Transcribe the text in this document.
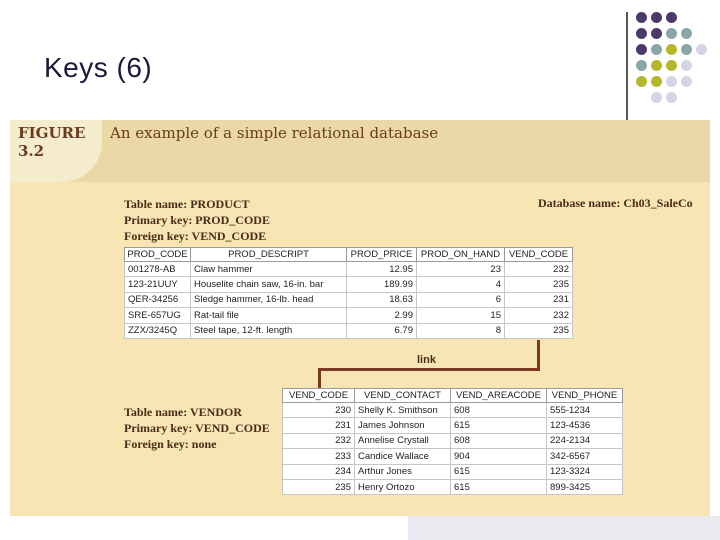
Keys (6)
FIGURE
3.2
An example of a simple relational database
Table name: PRODUCT
Primary key: PROD_CODE
Foreign key: VEND_CODE
Database name: Ch03_SaleCo
PROD_CODE	PROD_DESCRIPT	PROD_PRICE	PROD_ON_HAND	VEND_CODE
001278-AB	Claw hammer	12.95	23	232
123-21UUY	Houselite chain saw, 16-in. bar	189.99	4	235
QER-34256	Sledge hammer, 16-lb. head	18.63	6	231
SRE-657UG	Rat-tail file	2.99	15	232
ZZX/3245Q	Steel tape, 12-ft. length	6.79	8	235
link
Table name: VENDOR
Primary key: VEND_CODE
Foreign key: none
VEND_CODE	VEND_CONTACT	VEND_AREACODE	VEND_PHONE
230	Shelly K. Smithson	608	555-1234
231	James Johnson	615	123-4536
232	Annelise Crystall	608	224-2134
233	Candice Wallace	904	342-6567
234	Arthur Jones	615	123-3324
235	Henry Ortozo	615	899-3425
